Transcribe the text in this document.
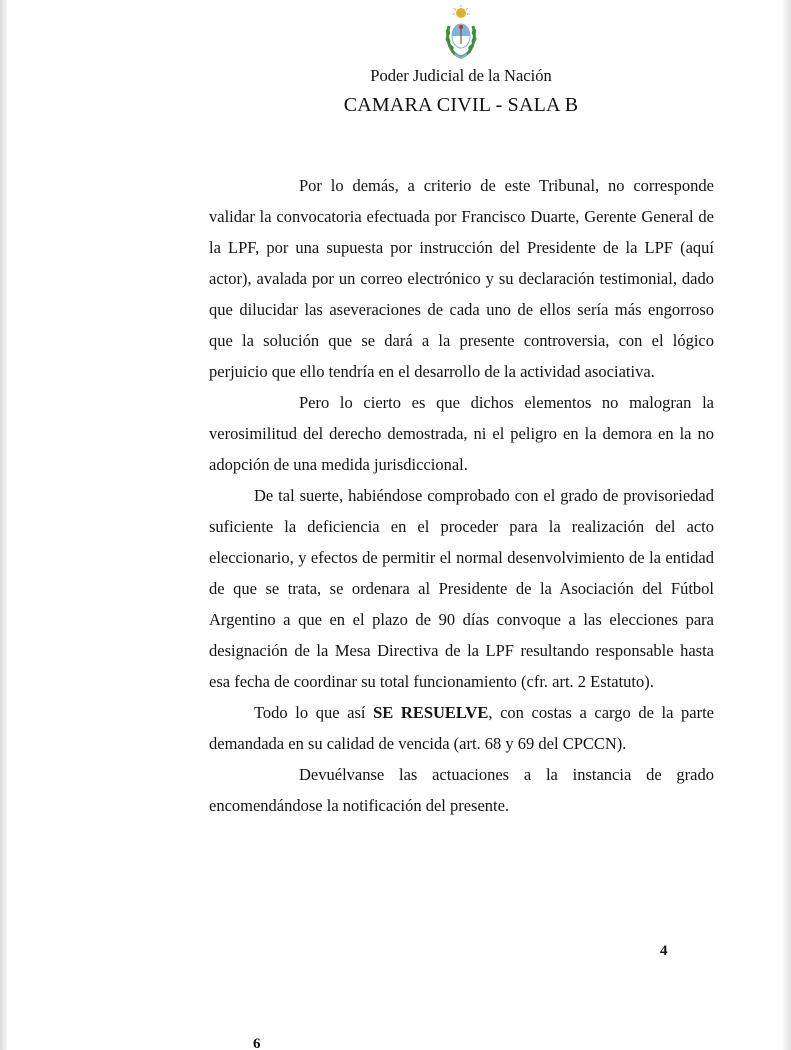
Poder Judicial de la Nación
CAMARA CIVIL - SALA B

Por lo demás, a criterio de este Tribunal, no corresponde validar la convocatoria efectuada por Francisco Duarte, Gerente General de la LPF, por una supuesta por instrucción del Presidente de la LPF (aquí actor), avalada por un correo electrónico y su declaración testimonial, dado que dilucidar las aseveraciones de cada uno de ellos sería más engorroso que la solución que se dará a la presente controversia, con el lógico perjuicio que ello tendría en el desarrollo de la actividad asociativa.

Pero lo cierto es que dichos elementos no malogran la verosimilitud del derecho demostrada, ni el peligro en la demora en la no adopción de una medida jurisdiccional.

De tal suerte, habiéndose comprobado con el grado de provisoriedad suficiente la deficiencia en el proceder para la realización del acto eleccionario, y efectos de permitir el normal desenvolvimiento de la entidad de que se trata, se ordenara al Presidente de la Asociación del Fútbol Argentino a que en el plazo de 90 días convoque a las elecciones para designación de la Mesa Directiva de la LPF resultando responsable hasta esa fecha de coordinar su total funcionamiento (cfr. art. 2 Estatuto).

Todo lo que así SE RESUELVE, con costas a cargo de la parte demandada en su calidad de vencida (art. 68 y 69 del CPCCN).

Devuélvanse las actuaciones a la instancia de grado encomendándose la notificación del presente.

4
6
